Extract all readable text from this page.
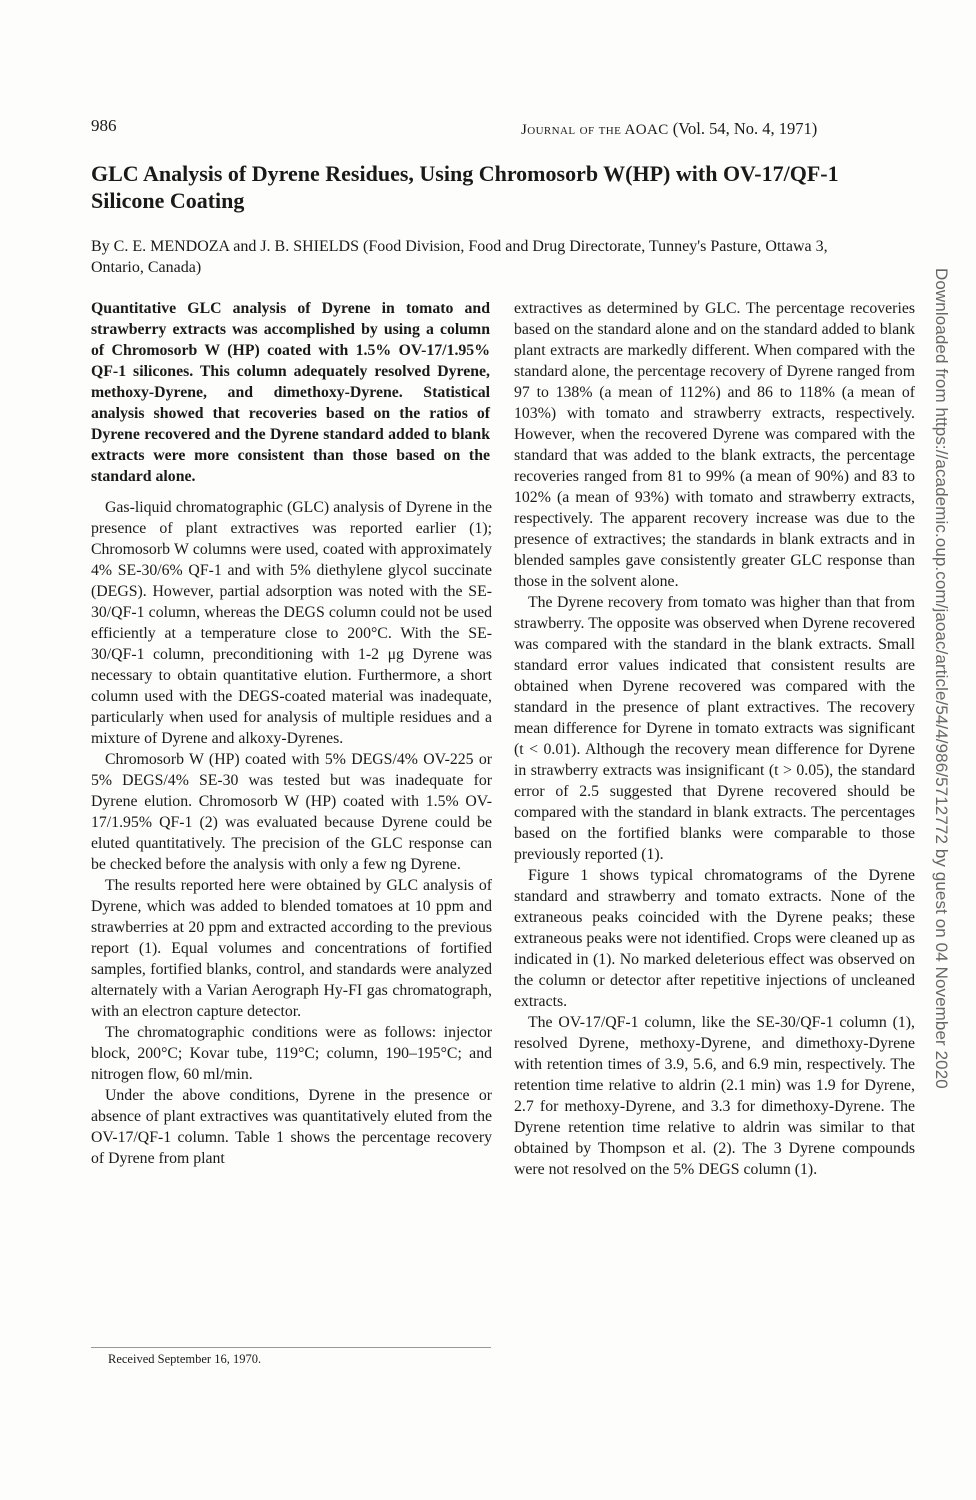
986	Journal of the AOAC (Vol. 54, No. 4, 1971)
GLC Analysis of Dyrene Residues, Using Chromosorb W(HP) with OV-17/QF-1 Silicone Coating
By C. E. MENDOZA and J. B. SHIELDS (Food Division, Food and Drug Directorate, Tunney's Pasture, Ottawa 3, Ontario, Canada)

Quantitative GLC analysis of Dyrene in tomato and strawberry extracts was accomplished by using a column of Chromosorb W (HP) coated with 1.5% OV-17/1.95% QF-1 silicones. This column adequately resolved Dyrene, methoxy-Dyrene, and dimethoxy-Dyrene. Statistical analysis showed that recoveries based on the ratios of Dyrene recovered and the Dyrene standard added to blank extracts were more consistent than those based on the standard alone.

Gas-liquid chromatographic (GLC) analysis of Dyrene in the presence of plant extractives was reported earlier (1); Chromosorb W columns were used, coated with approximately 4% SE-30/6% QF-1 and with 5% diethylene glycol succinate (DEGS). However, partial adsorption was noted with the SE-30/QF-1 column, whereas the DEGS column could not be used efficiently at a temperature close to 200°C. With the SE-30/QF-1 column, preconditioning with 1-2 μg Dyrene was necessary to obtain quantitative elution. Furthermore, a short column used with the DEGS-coated material was inadequate, particularly when used for analysis of multiple residues and a mixture of Dyrene and alkoxy-Dyrenes.

Chromosorb W (HP) coated with 5% DEGS/4% OV-225 or 5% DEGS/4% SE-30 was tested but was inadequate for Dyrene elution. Chromosorb W (HP) coated with 1.5% OV-17/1.95% QF-1 (2) was evaluated because Dyrene could be eluted quantitatively. The precision of the GLC response can be checked before the analysis with only a few ng Dyrene.

The results reported here were obtained by GLC analysis of Dyrene, which was added to blended tomatoes at 10 ppm and strawberries at 20 ppm and extracted according to the previous report (1). Equal volumes and concentrations of fortified samples, fortified blanks, control, and standards were analyzed alternately with a Varian Aerograph Hy-FI gas chromatograph, with an electron capture detector.

The chromatographic conditions were as follows: injector block, 200°C; Kovar tube, 119°C; column, 190–195°C; and nitrogen flow, 60 ml/min.

Under the above conditions, Dyrene in the presence or absence of plant extractives was quantitatively eluted from the OV-17/QF-1 column. Table 1 shows the percentage recovery of Dyrene from plant

extractives as determined by GLC. The percentage recoveries based on the standard alone and on the standard added to blank plant extracts are markedly different. When compared with the standard alone, the percentage recovery of Dyrene ranged from 97 to 138% (a mean of 112%) and 86 to 118% (a mean of 103%) with tomato and strawberry extracts, respectively. However, when the recovered Dyrene was compared with the standard that was added to the blank extracts, the percentage recoveries ranged from 81 to 99% (a mean of 90%) and 83 to 102% (a mean of 93%) with tomato and strawberry extracts, respectively. The apparent recovery increase was due to the presence of extractives; the standards in blank extracts and in blended samples gave consistently greater GLC response than those in the solvent alone.

The Dyrene recovery from tomato was higher than that from strawberry. The opposite was observed when Dyrene recovered was compared with the standard in the blank extracts. Small standard error values indicated that consistent results are obtained when Dyrene recovered was compared with the standard in the presence of plant extractives. The recovery mean difference for Dyrene in tomato extracts was significant (t < 0.01). Although the recovery mean difference for Dyrene in strawberry extracts was insignificant (t > 0.05), the standard error of 2.5 suggested that Dyrene recovered should be compared with the standard in blank extracts. The percentages based on the fortified blanks were comparable to those previously reported (1).

Figure 1 shows typical chromatograms of the Dyrene standard and strawberry and tomato extracts. None of the extraneous peaks coincided with the Dyrene peaks; these extraneous peaks were not identified. Crops were cleaned up as indicated in (1). No marked deleterious effect was observed on the column or detector after repetitive injections of uncleaned extracts.

The OV-17/QF-1 column, like the SE-30/QF-1 column (1), resolved Dyrene, methoxy-Dyrene, and dimethoxy-Dyrene with retention times of 3.9, 5.6, and 6.9 min, respectively. The retention time relative to aldrin (2.1 min) was 1.9 for Dyrene, 2.7 for methoxy-Dyrene, and 3.3 for dimethoxy-Dyrene. The Dyrene retention time relative to aldrin was similar to that obtained by Thompson et al. (2). The 3 Dyrene compounds were not resolved on the 5% DEGS column (1).

Received September 16, 1970.
Downloaded from https://academic.oup.com/jaoac/article/54/4/986/5712772 by guest on 04 November 2020
